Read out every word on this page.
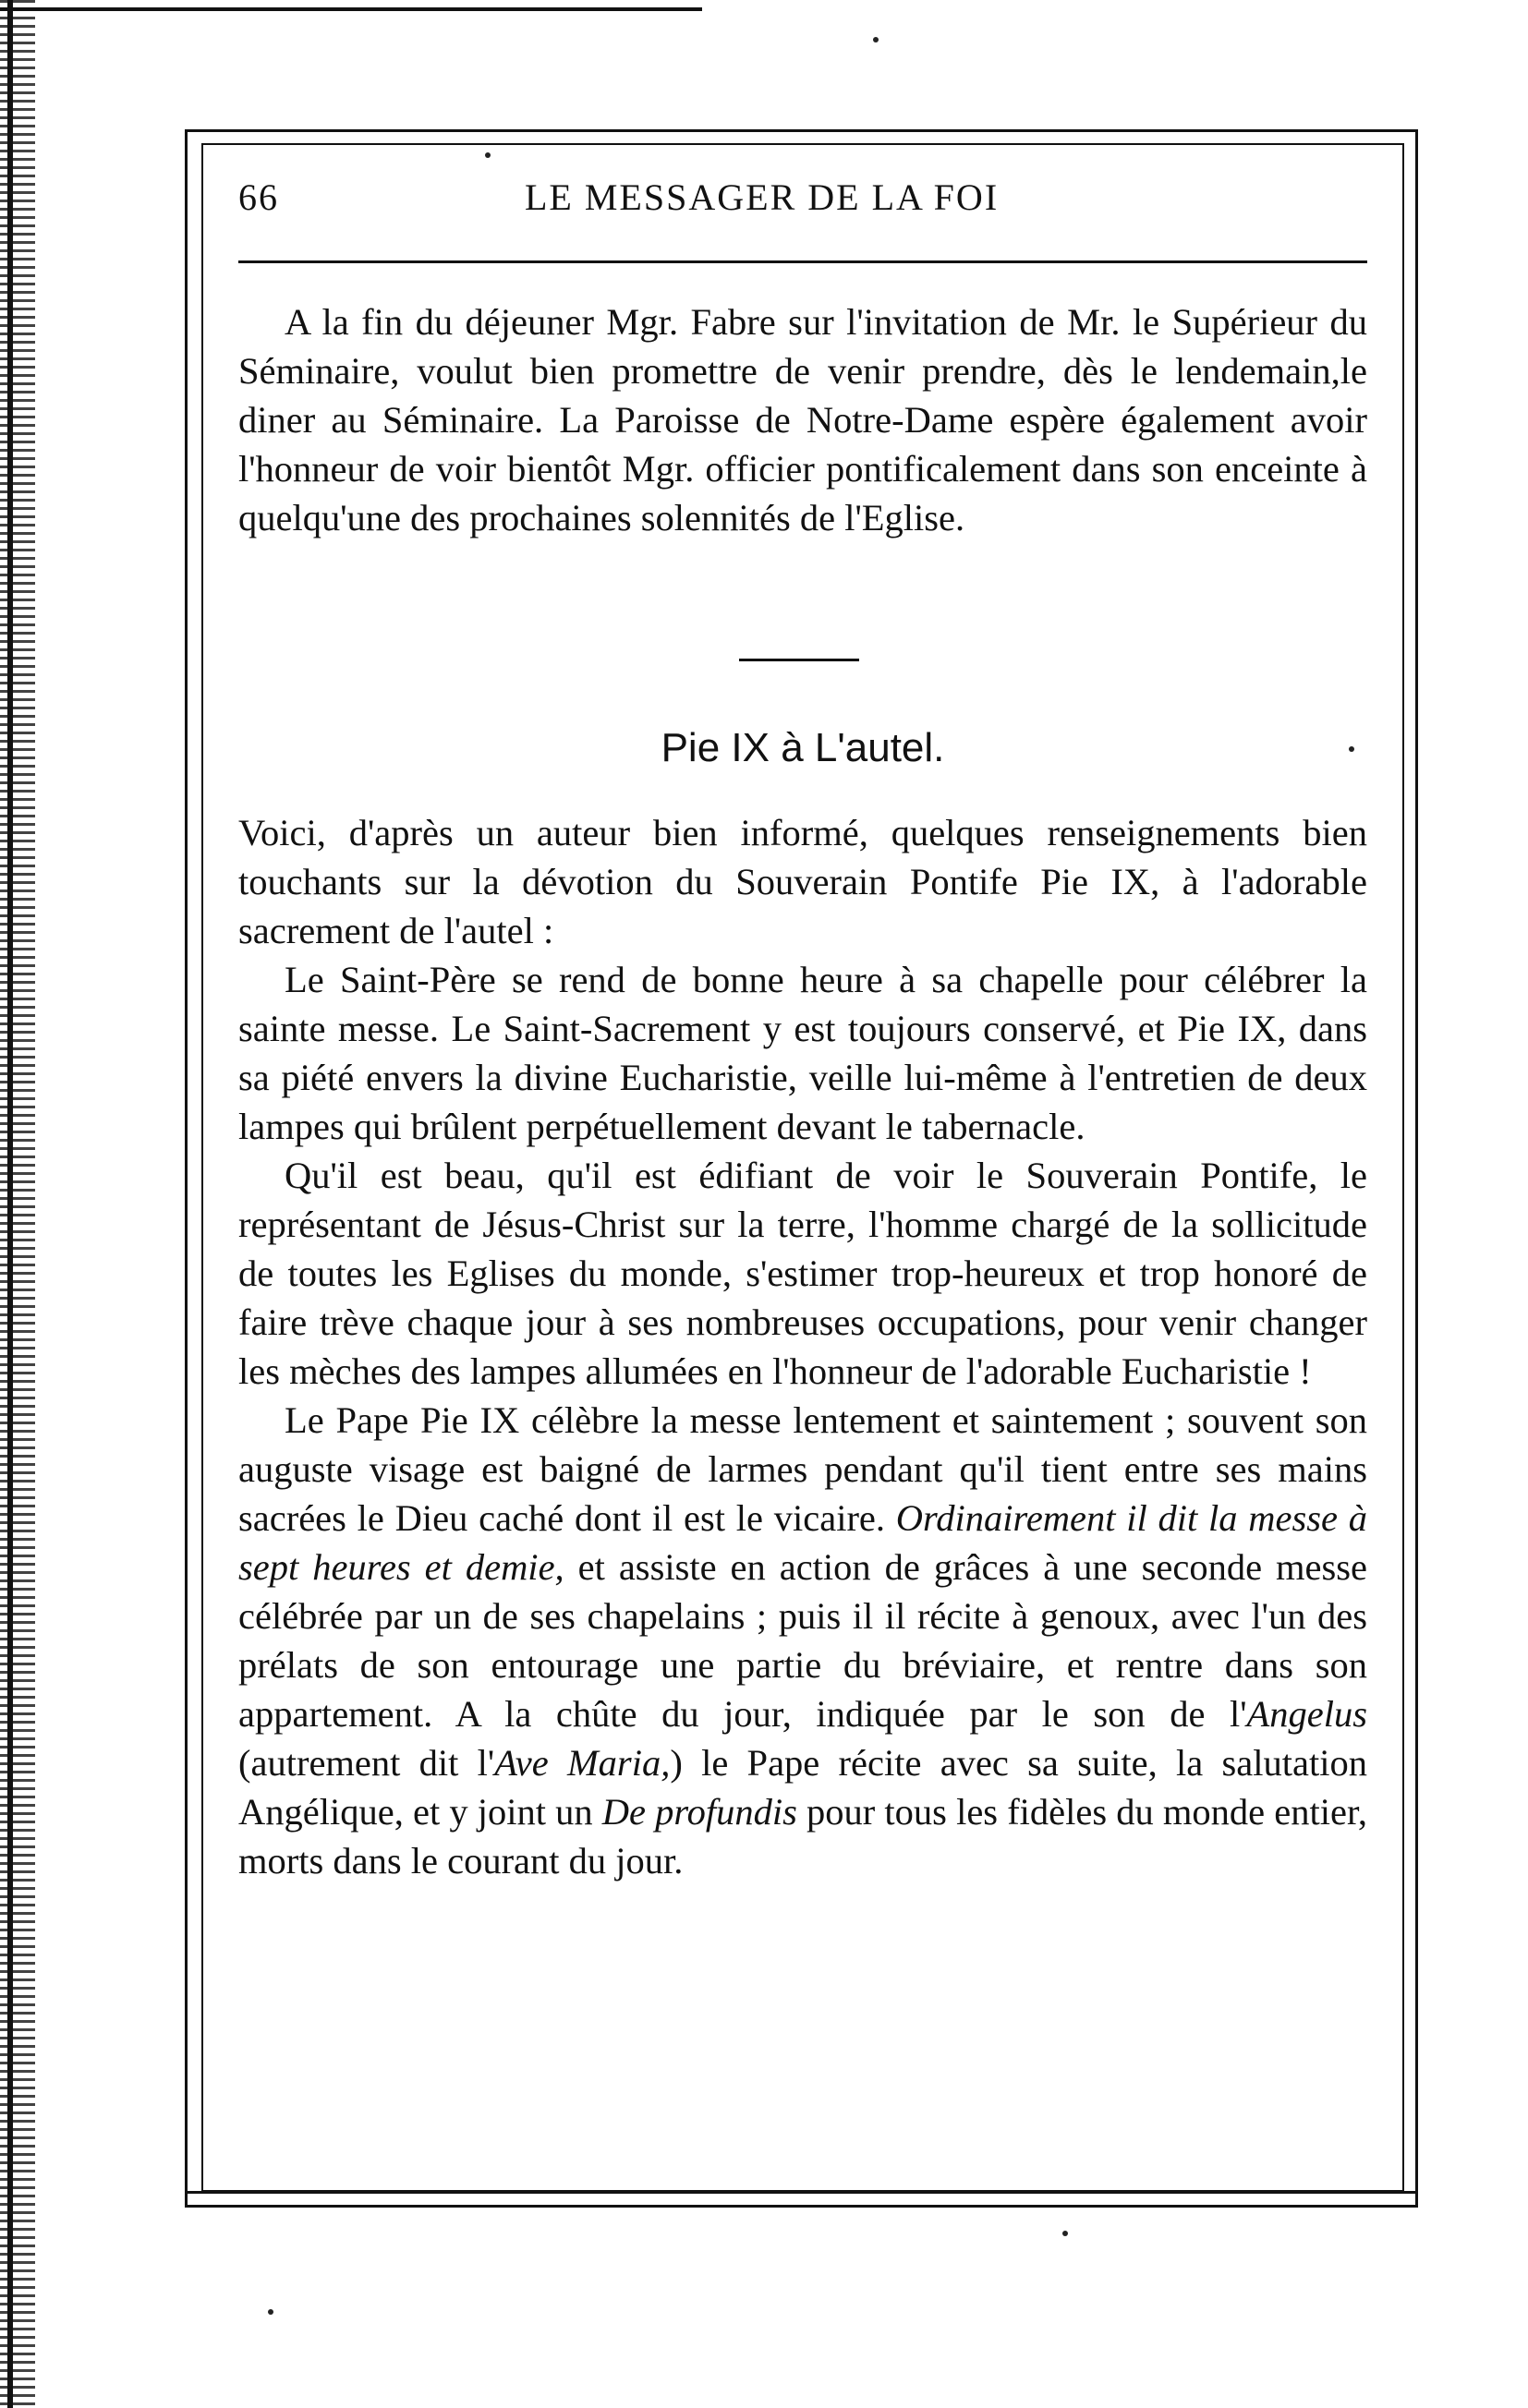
66	LE MESSAGER DE LA FOI

A la fin du déjeuner Mgr. Fabre sur l'invitation de Mr. le Supérieur du Séminaire, voulut bien promettre de venir prendre, dès le lendemain,le diner au Séminaire. La Paroisse de Notre-Dame espère également avoir l'honneur de voir bientôt Mgr. officier pontificalement dans son enceinte à quelqu'une des prochaines solennités de l'Eglise.

Pie IX à L'autel.

Voici, d'après un auteur bien informé, quelques renseignements bien touchants sur la dévotion du Souverain Pontife Pie IX, à l'adorable sacrement de l'autel :

Le Saint-Père se rend de bonne heure à sa chapelle pour célébrer la sainte messe. Le Saint-Sacrement y est toujours conservé, et Pie IX, dans sa piété envers la divine Eucharistie, veille lui-même à l'entretien de deux lampes qui brûlent perpétuellement devant le tabernacle.

Qu'il est beau, qu'il est édifiant de voir le Souverain Pontife, le représentant de Jésus-Christ sur la terre, l'homme chargé de la sollicitude de toutes les Eglises du monde, s'estimer trop-heureux et trop honoré de faire trève chaque jour à ses nombreuses occupations, pour venir changer les mèches des lampes allumées en l'honneur de l'adorable Eucharistie !

Le Pape Pie IX célèbre la messe lentement et saintement ; souvent son auguste visage est baigné de larmes pendant qu'il tient entre ses mains sacrées le Dieu caché dont il est le vicaire. Ordinairement il dit la messe à sept heures et demie, et assiste en action de grâces à une seconde messe célébrée par un de ses chapelains ; puis il il récite à genoux, avec l'un des prélats de son entourage une partie du bréviaire, et rentre dans son appartement. A la chûte du jour, indiquée par le son de l'Angelus (autrement dit l'Ave Maria,) le Pape récite avec sa suite, la salutation Angélique, et y joint un De profundis pour tous les fidèles du monde entier, morts dans le courant du jour.
